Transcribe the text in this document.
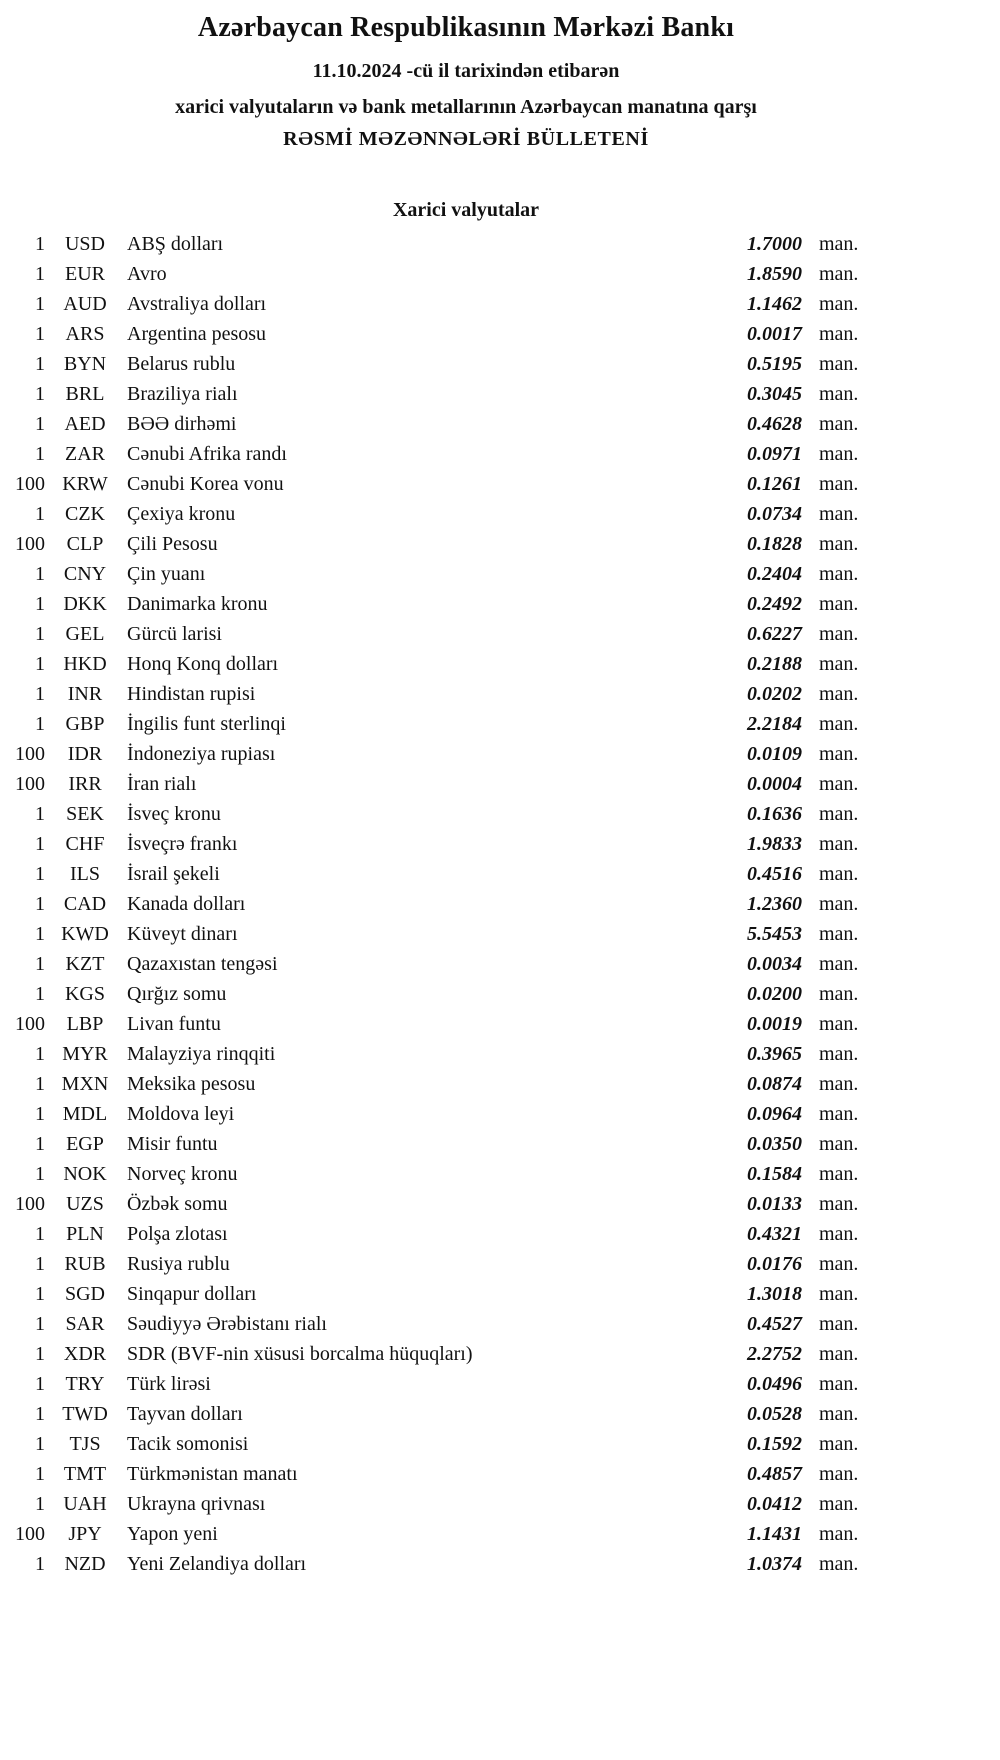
Azərbaycan Respublikasının Mərkəzi Bankı

11.10.2024 -cü il tarixindən etibarən

xarici valyutaların və bank metallarının Azərbaycan manatına qarşı

RƏSMİ MƏZƏNNƏLƏRİ BÜLLETENİ

Xarici valyutalar
1 USD	ABŞ dolları	1.7000 man.
1	EUR	Avro	1.8590 man.
1 AUD	Avstraliya dolları	1.1462 man.
1	ARS	Argentina pesosu	0.0017 man.
1 BYN	Belarus rublu	0.5195 man.
1	BRL	Braziliya rialı	0.3045 man.
1 AED	BƏƏ dirhəmi	0.4628 man.
1	ZAR	Cənubi Afrika randı	0.0971 man.
100 KRW Cənubi Korea vonu	0.1261 man.
1	CZK	Çexiya kronu	0.0734 man.
100	CLP	Çili Pesosu	0.1828 man.
1 CNY	Çin yuanı	0.2404 man.
1 DKK	Danimarka kronu	0.2492 man.
1	GEL	Gürcü larisi	0.6227 man.
1 HKD	Honq Konq dolları	0.2188 man.
1	INR	Hindistan rupisi	0.0202 man.
1	GBP	İngilis funt sterlinqi	2.2184 man.
100	IDR	İndoneziya rupiası	0.0109 man.
100	IRR	İran rialı	0.0004 man.
1	SEK	İsveç kronu	0.1636 man.
1	CHF	İsveçrə frankı	1.9833 man.
1	ILS	İsrail şekeli	0.4516 man.
1 CAD	Kanada dolları	1.2360 man.
1 KWD Küveyt dinarı	5.5453 man.
1	KZT	Qazaxıstan tengəsi	0.0034 man.
1 KGS	Qırğız somu	0.0200 man.
100	LBP	Livan funtu	0.0019 man.
1 MYR Malayziya rinqqiti	0.3965 man.
1 MXN Meksika pesosu	0.0874 man.
1 MDL Moldova leyi	0.0964 man.
1	EGP	Misir funtu	0.0350 man.
1 NOK	Norveç kronu	0.1584 man.
100	UZS	Özbək somu	0.0133 man.
1	PLN	Polşa zlotası	0.4321 man.
1 RUB	Rusiya rublu	0.0176 man.
1 SGD	Sinqapur dolları	1.3018 man.
1	SAR	Səudiyyə Ərəbistanı rialı	0.4527 man.
1 XDR	SDR (BVF-nin xüsusi borcalma hüquqları)	2.2752 man.
1	TRY	Türk lirəsi	0.0496 man.
1 TWD Tayvan dolları	0.0528 man.
1	TJS	Tacik somonisi	0.1592 man.
1 TMT	Türkmənistan manatı	0.4857 man.
1 UAH	Ukrayna qrivnası	0.0412 man.
100	JPY	Yapon yeni	1.1431 man.
1 NZD	Yeni Zelandiya dolları	1.0374 man.
